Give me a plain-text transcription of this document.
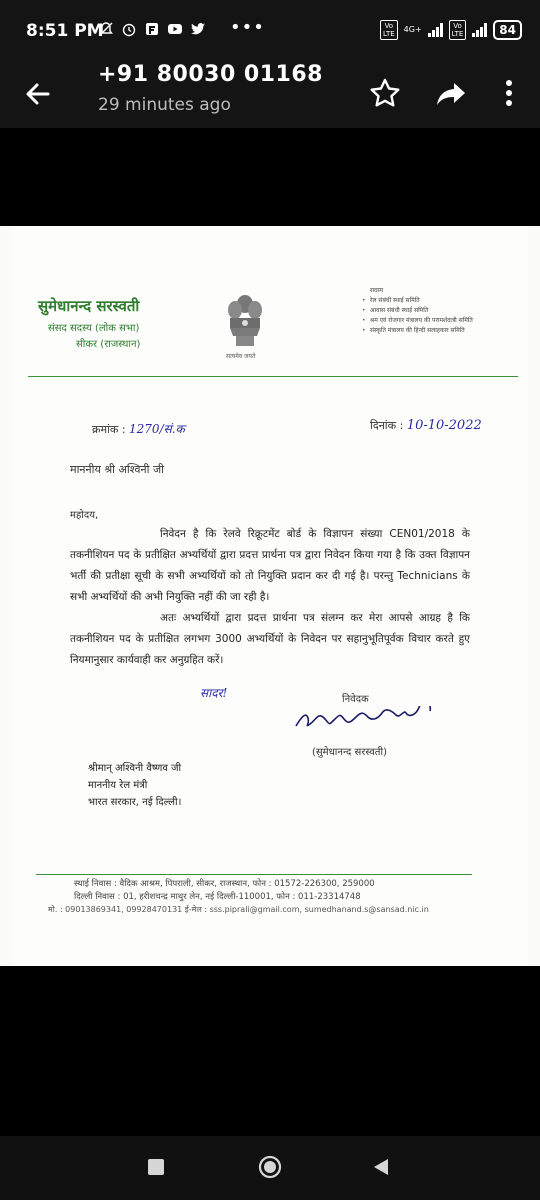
8:51 PM	•••	Vo
LTE	4G+	Vo
LTE	84
+91 80030 01168
29 minutes ago
सुमेधानन्द सरस्वती
संसद सदस्य (लोक सभा)
सीकर (राजस्थान)
सत्यमेव जयते
सदस्य
• रेल संबंधी स्थाई समिति
• आवास संबंधी स्थाई समिति
• श्रम एवं रोजगार मंत्रालय की परामर्शदात्री समिति
• संस्कृति मंत्रालय की हिन्दी सलाहकार समिति
क्रमांक : 1270/सं.क	दिनांक : 10-10-2022
माननीय श्री अश्विनी जी
महोदय,

निवेदन है कि रेलवे रिक्रूटमेंट बोर्ड के विज्ञापन संख्या CEN01/2018 के तकनीशियन पद के प्रतीक्षित अभ्यर्थियों द्वारा प्रदत्त प्रार्थना पत्र द्वारा निवेदन किया गया है कि उक्त विज्ञापन भर्ती की प्रतीक्षा सूची के सभी अभ्यर्थियों को तो नियुक्ति प्रदान कर दी गई है। परन्तु Technicians के सभी अभ्यर्थियों की अभी नियुक्ति नहीं की जा रही है।

अतः अभ्यर्थियों द्वारा प्रदत्त प्रार्थना पत्र संलग्न कर मेरा आपसे आग्रह है कि तकनीशियन पद के प्रतीक्षित लगभग 3000 अभ्यर्थियों के निवेदन पर सहानुभूतिपूर्वक विचार करते हुए नियमानुसार कार्यवाही कर अनुग्रहित करें।

सादर!	निवेदक
(सुमेधानन्द सरस्वती)
श्रीमान् अश्विनी वैष्णव जी
माननीय रेल मंत्री
भारत सरकार, नई दिल्ली।
स्थाई निवास : वैदिक आश्रम, पिपराली, सीकर, राजस्थान, फोन : 01572-226300, 259000
दिल्ली निवास : 01, हरीशचन्द्र माथुर लेन, नई दिल्ली-110001, फोन : 011-23314748
मो. : 09013869341, 09928470131 ई-मेल : sss.piprali@gmail.com, sumedhanand.s@sansad.nic.in
